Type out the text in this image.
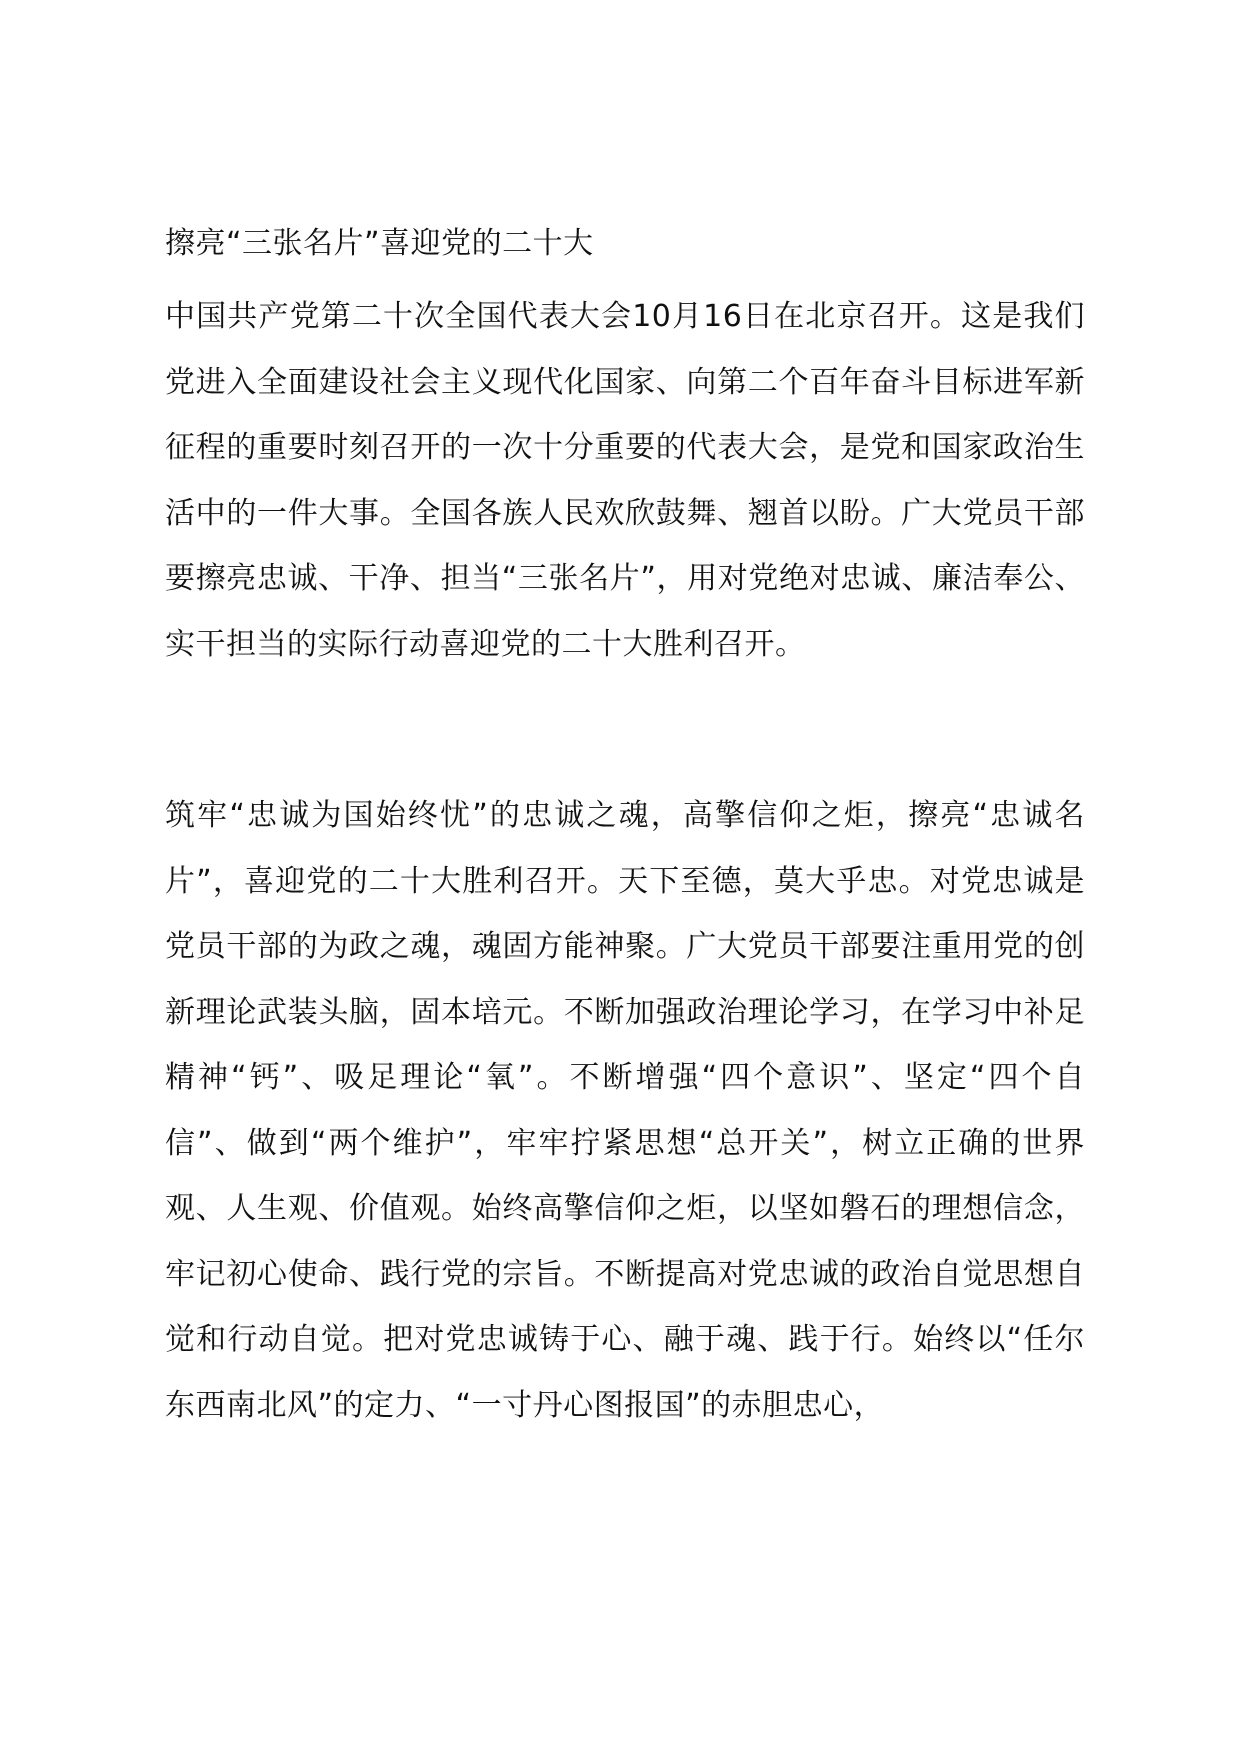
擦亮“三张名片”喜迎党的二十大

中国共产党第二十次全国代表大会10月16日在北京召开。这是我们党进入全面建设社会主义现代化国家、向第二个百年奋斗目标进军新征程的重要时刻召开的一次十分重要的代表大会，是党和国家政治生活中的一件大事。全国各族人民欢欣鼓舞、翘首以盼。广大党员干部要擦亮忠诚、干净、担当“三张名片”，用对党绝对忠诚、廉洁奉公、实干担当的实际行动喜迎党的二十大胜利召开。

筑牢“忠诚为国始终忧”的忠诚之魂，高擎信仰之炬，擦亮“忠诚名片”，喜迎党的二十大胜利召开。天下至德，莫大乎忠。对党忠诚是党员干部的为政之魂，魂固方能神聚。广大党员干部要注重用党的创新理论武装头脑，固本培元。不断加强政治理论学习，在学习中补足精神“钙”、吸足理论“氧”。不断增强“四个意识”、坚定“四个自信”、做到“两个维护”，牢牢拧紧思想“总开关”，树立正确的世界观、人生观、价值观。始终高擎信仰之炬，以坚如磐石的理想信念，牢记初心使命、践行党的宗旨。不断提高对党忠诚的政治自觉思想自觉和行动自觉。把对党忠诚铸于心、融于魂、践于行。始终以“任尔东西南北风”的定力、“一寸丹心图报国”的赤胆忠心，
